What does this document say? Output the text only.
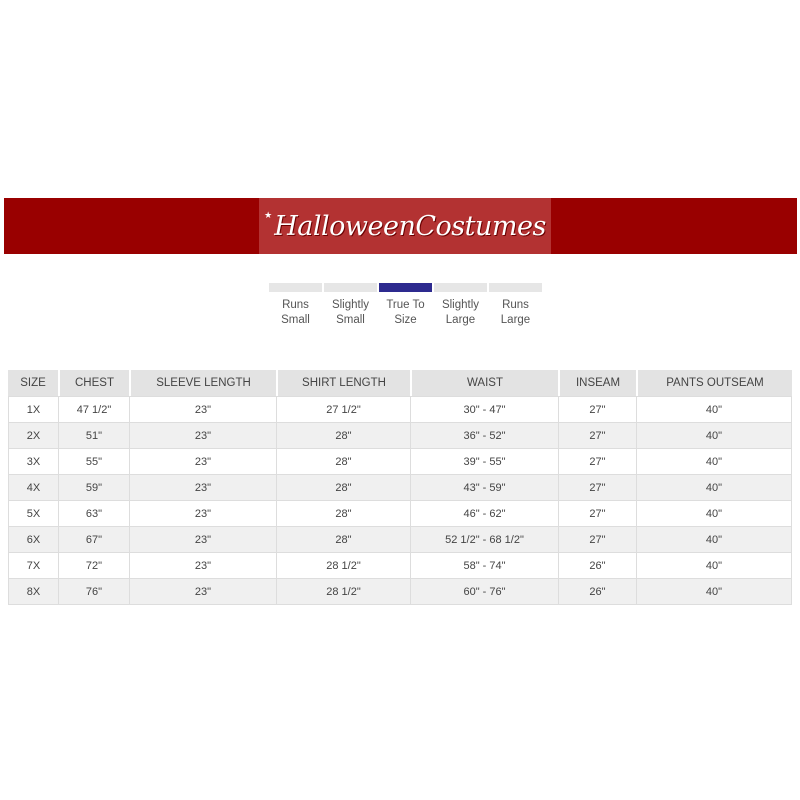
★ HalloweenCostumes
Runs Small
Slightly Small
True To Size
Slightly Large
Runs Large
SIZE	CHEST	SLEEVE LENGTH	SHIRT LENGTH	WAIST	INSEAM	PANTS OUTSEAM
1X	47 1/2"	23"	27 1/2"	30" - 47"	27"	40"
2X	51"	23"	28"	36" - 52"	27"	40"
3X	55"	23"	28"	39" - 55"	27"	40"
4X	59"	23"	28"	43" - 59"	27"	40"
5X	63"	23"	28"	46" - 62"	27"	40"
6X	67"	23"	28"	52 1/2" - 68 1/2"	27"	40"
7X	72"	23"	28 1/2"	58" - 74"	26"	40"
8X	76"	23"	28 1/2"	60" - 76"	26"	40"
